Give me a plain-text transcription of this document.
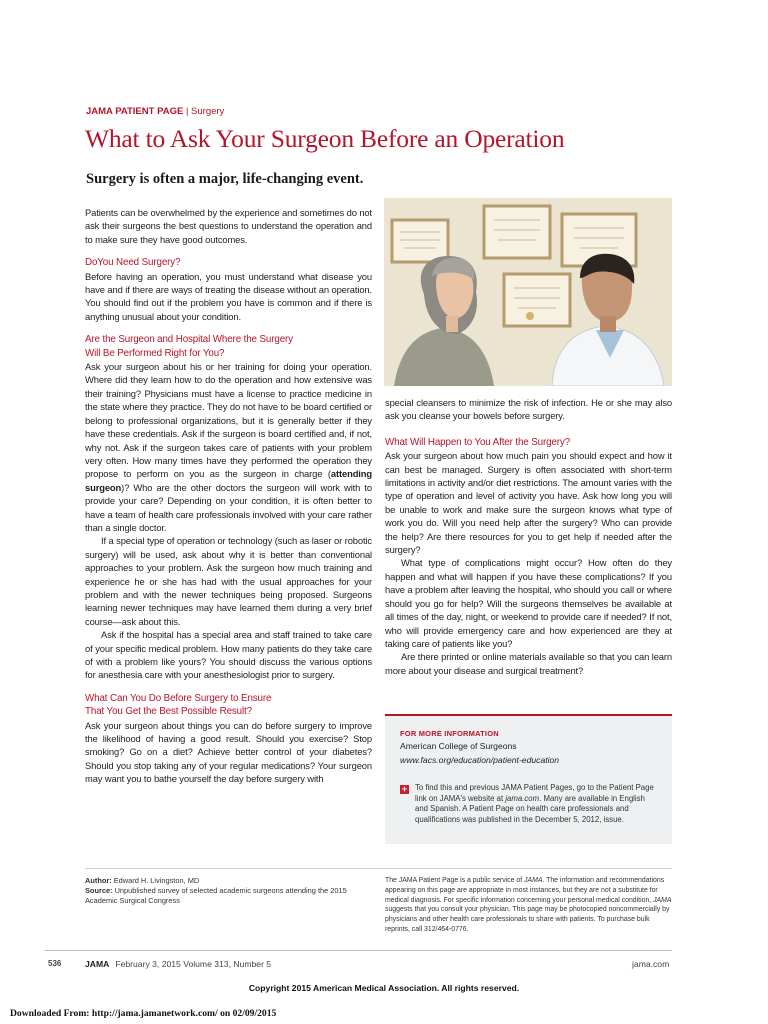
JAMA PATIENT PAGE | Surgery
What to Ask Your Surgeon Before an Operation
Surgery is often a major, life-changing event.

Patients can be overwhelmed by the experience and sometimes do not ask their surgeons the best questions to understand the operation and to make sure they have good outcomes.

DoYou Need Surgery?

Before having an operation, you must understand what disease you have and if there are ways of treating the disease without an operation. You should find out if the problem you have is common and if there is anything unusual about your condition.

Are the Surgeon and Hospital Where the Surgery
Will Be Performed Right for You?

Ask your surgeon about his or her training for doing your operation. Where did they learn how to do the operation and how extensive was their training? Physicians must have a license to practice medicine in the state where they practice. They do not have to be board certified or belong to professional organizations, but it is generally better if they have these credentials. Ask if the surgeon is board certified and, if not, why not. Ask if the surgeon takes care of patients with your problem very often. How many times have they performed the operation they propose to perform on you as the surgeon in charge (attending surgeon)? Who are the other doctors the surgeon will work with to provide your care? Depending on your condition, it is often better to have a team of health care professionals involved with your care rather than a single doctor.

If a special type of operation or technology (such as laser or robotic surgery) will be used, ask about why it is better than conventional approaches to your problem. Ask the surgeon how much training and experience he or she has had with the usual approaches for your problem and with the newer techniques being proposed. Surgeons learning newer techniques may have learned them during a very brief course—ask about this.

Ask if the hospital has a special area and staff trained to take care of your specific medical problem. How many patients do they take care of with a problem like yours? You should discuss the various options for anesthesia care with your anesthesiologist prior to surgery.

What Can You Do Before Surgery to Ensure
That You Get the Best Possible Result?

Ask your surgeon about things you can do before surgery to improve the likelihood of having a good result. Should you exercise? Stop smoking? Go on a diet? Achieve better control of your diabetes? Should you stop taking any of your regular medications? Your surgeon may want you to bathe yourself the day before surgery with

special cleansers to minimize the risk of infection. He or she may also ask you cleanse your bowels before surgery.

What Will Happen to You After the Surgery?

Ask your surgeon about how much pain you should expect and how it can best be managed. Surgery is often associated with short-term limitations in activity and/or diet restrictions. The amount varies with the type of operation and level of activity you have. Ask how long you will be unable to work and make sure the surgeon knows what type of work you do. Will you need help after the surgery? Who can provide the help? Are there resources for you to get help if needed after the surgery?

What type of complications might occur? How often do they happen and what will happen if you have these complications? If you have a problem after leaving the hospital, who should you call or where should you go for help? Will the surgeons themselves be available at all times of the day, night, or weekend to provide care if needed? If not, who will provide emergency care and how experienced are they at taking care of patients like you?

Are there printed or online materials available so that you can learn more about your disease and surgical treatment?

FOR MORE INFORMATION
American College of Surgeons
www.facs.org/education/patient-education
+ To find this and previous JAMA Patient Pages, go to the Patient Page link on JAMA's website at jama.com. Many are available in English and Spanish. A Patient Page on health care professionals and qualifications was published in the December 5, 2012, issue.
Author: Edward H. Livingston, MD
Source: Unpublished survey of selected academic surgeons attending the 2015 Academic Surgical Congress
The JAMA Patient Page is a public service of JAMA. The information and recommendations appearing on this page are appropriate in most instances, but they are not a substitute for medical diagnosis. For specific information concerning your personal medical condition, JAMA suggests that you consult your physician. This page may be photocopied noncommercially by physicians and other health care professionals to share with patients. To purchase bulk reprints, call 312/464-0776.
536	JAMA February 3, 2015 Volume 313, Number 5	jama.com
Copyright 2015 American Medical Association. All rights reserved.
Downloaded From: http://jama.jamanetwork.com/ on 02/09/2015
